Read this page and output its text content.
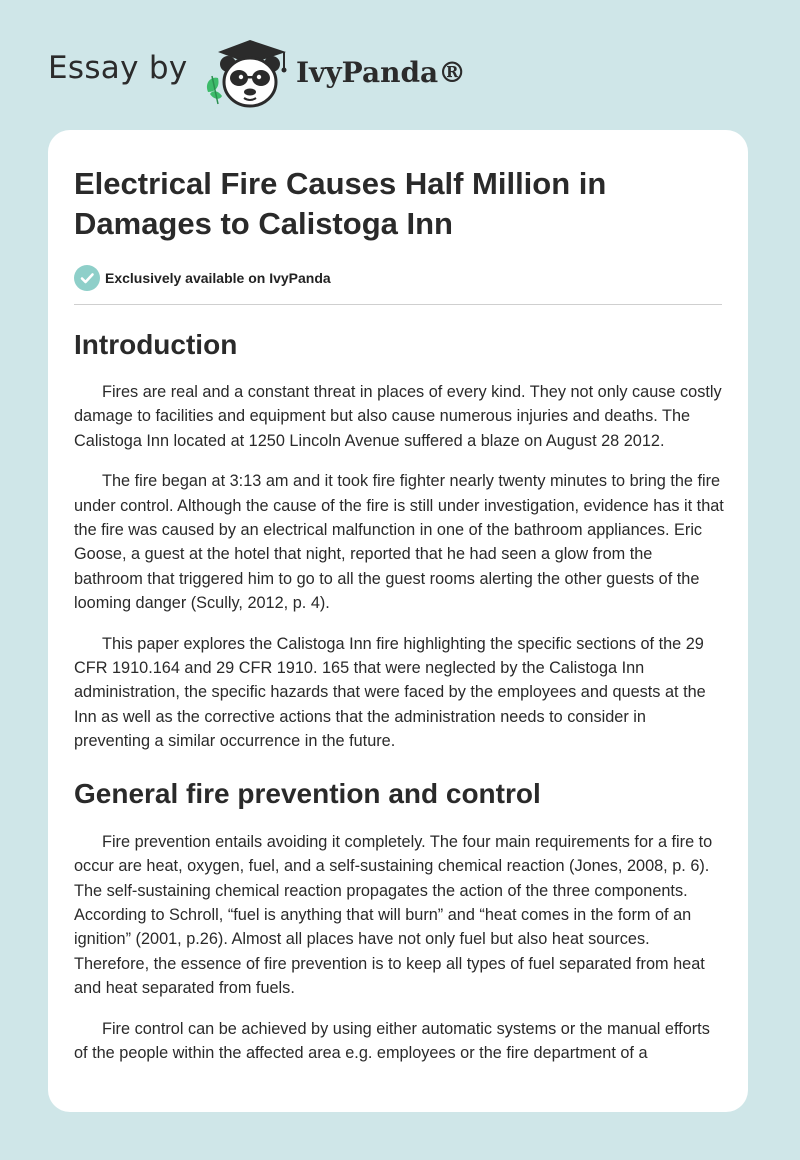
Essay by	IvyPanda®
Electrical Fire Causes Half Million in Damages to Calistoga Inn
Exclusively available on IvyPanda
Introduction

Fires are real and a constant threat in places of every kind. They not only cause costly damage to facilities and equipment but also cause numerous injuries and deaths. The Calistoga Inn located at 1250 Lincoln Avenue suffered a blaze on August 28 2012.

The fire began at 3:13 am and it took fire fighter nearly twenty minutes to bring the fire under control. Although the cause of the fire is still under investigation, evidence has it that the fire was caused by an electrical malfunction in one of the bathroom appliances. Eric Goose, a guest at the hotel that night, reported that he had seen a glow from the bathroom that triggered him to go to all the guest rooms alerting the other guests of the looming danger (Scully, 2012, p. 4).

This paper explores the Calistoga Inn fire highlighting the specific sections of the 29 CFR 1910.164 and 29 CFR 1910. 165 that were neglected by the Calistoga Inn administration, the specific hazards that were faced by the employees and quests at the Inn as well as the corrective actions that the administration needs to consider in preventing a similar occurrence in the future.

General fire prevention and control

Fire prevention entails avoiding it completely. The four main requirements for a fire to occur are heat, oxygen, fuel, and a self-sustaining chemical reaction (Jones, 2008, p. 6). The self-sustaining chemical reaction propagates the action of the three components. According to Schroll, “fuel is anything that will burn” and “heat comes in the form of an ignition” (2001, p.26). Almost all places have not only fuel but also heat sources. Therefore, the essence of fire prevention is to keep all types of fuel separated from heat and heat separated from fuels.

Fire control can be achieved by using either automatic systems or the manual efforts of the people within the affected area e.g. employees or the fire department of a
